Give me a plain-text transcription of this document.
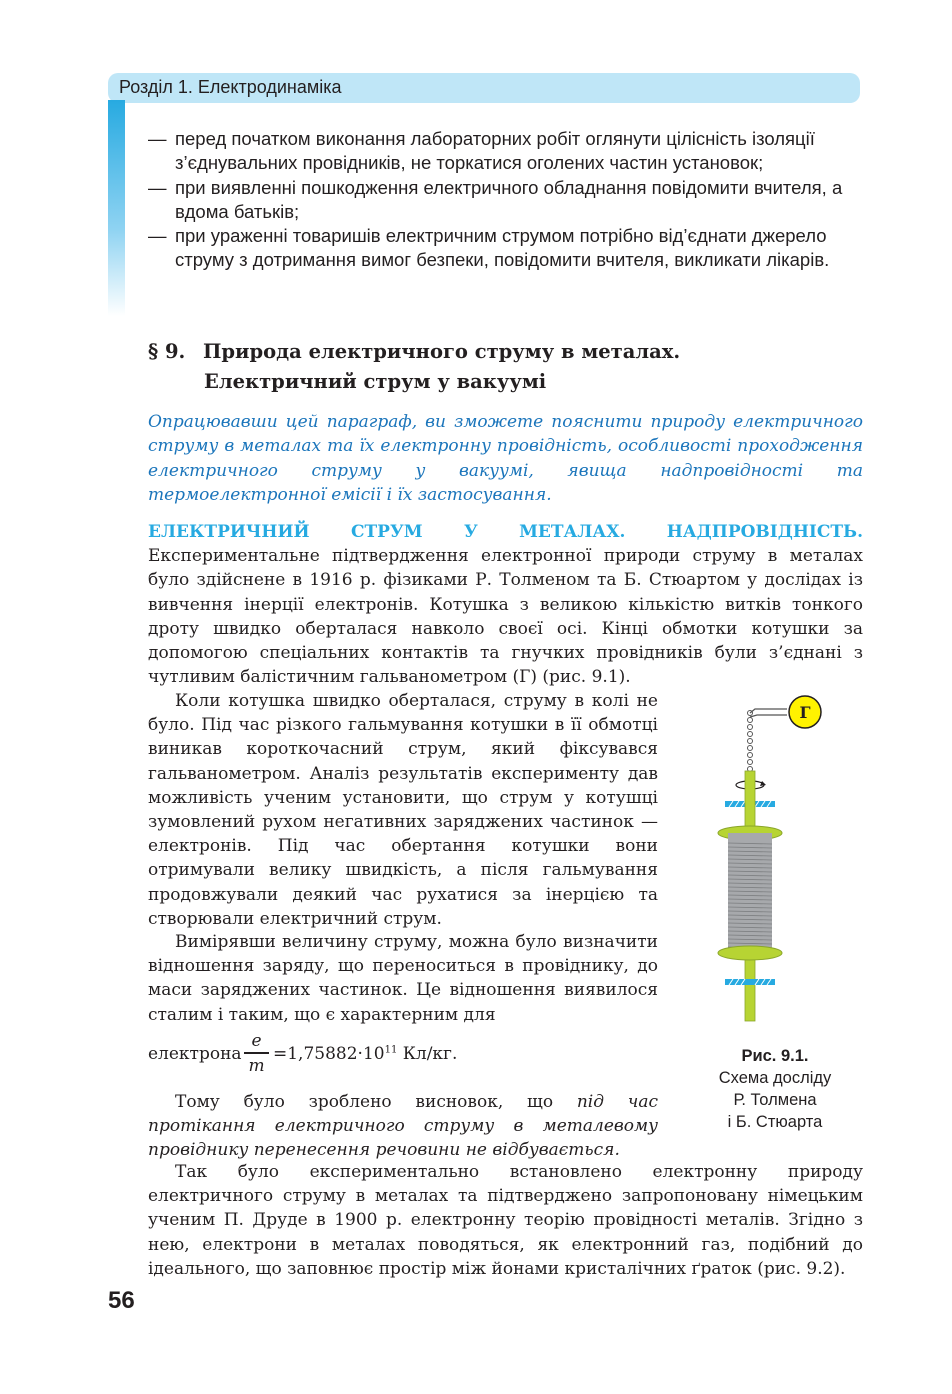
Розділ 1. Електродинаміка
— перед початком виконання лабораторних робіт оглянути цілісність ізоляції з’єднувальних провідників, не торкатися оголених частин установок;
— при виявленні пошкодження електричного обладнання повідомити вчителя, а вдома батьків;
— при ураженні товаришів електричним струмом потрібно від’єднати джерело струму з дотримання вимог безпеки, повідомити вчителя, викликати лікарів.
§ 9. Природа електричного струму в металах.
Електричний струм у вакуумі
Опрацювавши цей параграф, ви зможете пояснити природу електричного струму в металах та їх електронну провідність, особливості проходження електричного струму у вакуумі, явища надпровідності та термоелектронної емісії і їх застосування.
ЕЛЕКТРИЧНИЙ СТРУМ У МЕТАЛАХ. НАДПРОВІДНІСТЬ. Експериментальне підтвердження електронної природи струму в металах було здійснене в 1916 р. фізиками Р. Толменом та Б. Стюартом у дослідах із вивчення інерції електронів. Котушка з великою кількістю витків тонкого дроту швидко оберталася навколо своєї осі. Кінці обмотки котушки за допомогою спеціальних контактів та гнучких провідників були з’єднані з чутливим балістичним гальванометром (Г) (рис. 9.1).
Коли котушка швидко оберталася, струму в колі не було. Під час різкого гальмування котушки в її обмотці виникав короткочасний струм, який фіксувався гальванометром. Аналіз результатів експерименту дав можливість ученим установити, що струм у котушці зумовлений рухом негативних заряджених частинок — електронів. Під час обертання котушки вони отримували велику швидкість, а після гальмування продовжували деякий час рухатися за інерцією та створювали електричний струм.
Вимірявши величину струму, можна було визначити відношення заряду, що переноситься в провіднику, до маси заряджених частинок. Це відношення виявилося сталим і таким, що є характерним для
електрона
e
m
$=1,75882\cdot 10^{11}$ Кл/кг.
Тому було зроблено висновок, що під час протікання електричного струму в металевому провіднику перенесення речовини не відбувається.
Так було експериментально встановлено електронну природу електричного струму в металах та підтверджено запропоновану німецьким ученим П. Друде в 1900 р. електронну теорію провідності металів. Згідно з нею, електрони в металах поводяться, як електронний газ, подібний до ідеального, що заповнює простір між йонами кристалічних ґраток (рис. 9.2).
Г
Рис. 9.1.
Схема досліду
Р. Толмена
і Б. Стюарта
56
